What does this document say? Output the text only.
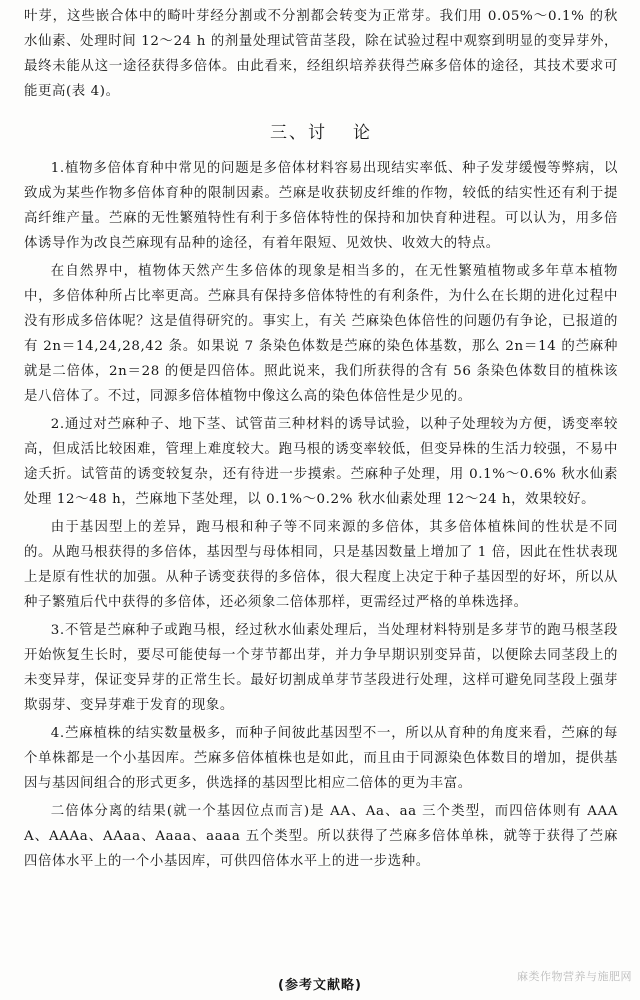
叶芽，这些嵌合体中的畸叶芽经分割或不分割都会转变为正常芽。我们用 0.05%～0.1% 的秋水仙素、处理时间 12～24 h 的剂量处理试管苗茎段，除在试验过程中观察到明显的变异芽外，最终未能从这一途径获得多倍体。由此看来，经组织培养获得苎麻多倍体的途径，其技术要求可能更高(表 4)。

三、讨 论

1.植物多倍体育种中常见的问题是多倍体材料容易出现结实率低、种子发芽缓慢等弊病，以致成为某些作物多倍体育种的限制因素。苎麻是收获韧皮纤维的作物，较低的结实性还有利于提高纤维产量。苎麻的无性繁殖特性有利于多倍体特性的保持和加快育种进程。可以认为，用多倍体诱导作为改良苎麻现有品种的途径，有着年限短、见效快、收效大的特点。

在自然界中，植物体天然产生多倍体的现象是相当多的，在无性繁殖植物或多年草本植物中，多倍体种所占比率更高。苎麻具有保持多倍体特性的有利条件，为什么在长期的进化过程中没有形成多倍体呢？这是值得研究的。事实上，有关 苎麻染色体倍性的问题仍有争论，已报道的有 2n＝14,24,28,42 条。如果说 7 条染色体数是苎麻的染色体基数，那么 2n＝14 的苎麻种就是二倍体，2n＝28 的便是四倍体。照此说来，我们所获得的含有 56 条染色体数目的植株该是八倍体了。不过，同源多倍体植物中像这么高的染色体倍性是少见的。

2.通过对苎麻种子、地下茎、试管苗三种材料的诱导试验，以种子处理较为方便，诱变率较高，但成活比较困难，管理上难度较大。跑马根的诱变率较低，但变异株的生活力较强，不易中途夭折。试管苗的诱变较复杂，还有待进一步摸索。苎麻种子处理，用 0.1%～0.6% 秋水仙素处理 12～48 h，苎麻地下茎处理，以 0.1%～0.2% 秋水仙素处理 12～24 h，效果较好。

由于基因型上的差异，跑马根和种子等不同来源的多倍体，其多倍体植株间的性状是不同的。从跑马根获得的多倍体，基因型与母体相同，只是基因数量上增加了 1 倍，因此在性状表现上是原有性状的加强。从种子诱变获得的多倍体，很大程度上决定于种子基因型的好坏，所以从种子繁殖后代中获得的多倍体，还必须象二倍体那样，更需经过严格的单株选择。

3.不管是苎麻种子或跑马根，经过秋水仙素处理后，当处理材料特别是多芽节的跑马根茎段开始恢复生长时，要尽可能使每一个芽节都出芽，并力争早期识别变异苗，以便除去同茎段上的未变异芽，保证变异芽的正常生长。最好切割成单芽节茎段进行处理，这样可避免同茎段上强芽欺弱芽、变异芽难于发育的现象。

4.苎麻植株的结实数量极多，而种子间彼此基因型不一，所以从育种的角度来看，苎麻的每个单株都是一个小基因库。苎麻多倍体植株也是如此，而且由于同源染色体数目的增加，提供基因与基因间组合的形式更多，供选择的基因型比相应二倍体的更为丰富。

二倍体分离的结果(就一个基因位点而言)是 AA、Aa、aa 三个类型，而四倍体则有 AAAA、AAAa、AAaa、Aaaa、aaaa 五个类型。所以获得了苎麻多倍体单株，就等于获得了苎麻四倍体水平上的一个小基因库，可供四倍体水平上的进一步选种。

(参考文献略)
麻类作物营养与施肥网
